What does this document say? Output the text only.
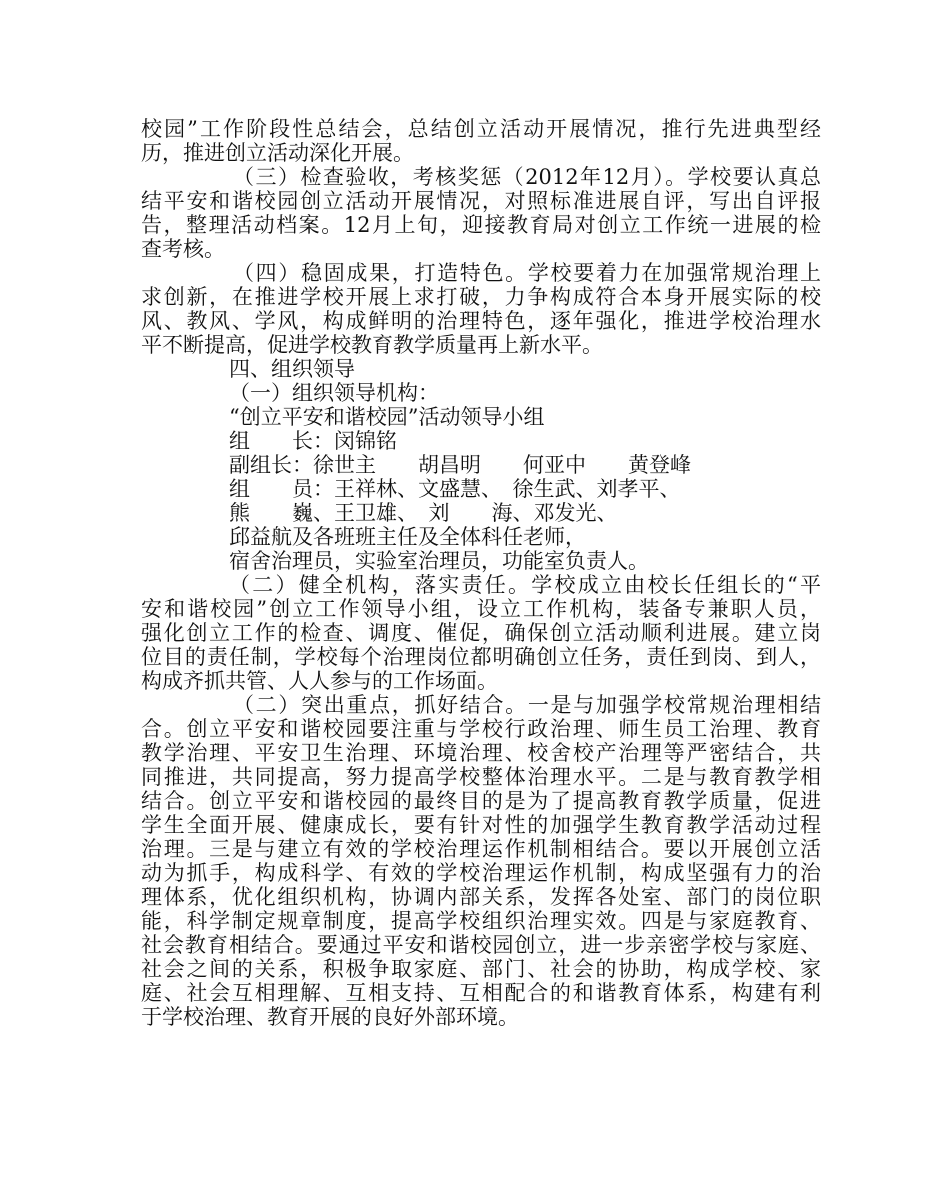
校园”工作阶段性总结会，总结创立活动开展情况，推行先进典型经
历，推进创立活动深化开展。
（三）检查验收，考核奖惩（2012年12月）。学校要认真总
结平安和谐校园创立活动开展情况，对照标准进展自评，写出自评报
告，整理活动档案。12月上旬，迎接教育局对创立工作统一进展的检
查考核。
（四）稳固成果，打造特色。学校要着力在加强常规治理上
求创新，在推进学校开展上求打破，力争构成符合本身开展实际的校
风、教风、学风，构成鲜明的治理特色，逐年强化，推进学校治理水
平不断提高，促进学校教育教学质量再上新水平。
四、组织领导
（一）组织领导机构：
“创立平安和谐校园”活动领导小组
组　　长：闵锦铭
副组长：徐世主　　胡昌明　　何亚中　　黄登峰
组　　员：王祥林、文盛慧、　徐生武、刘孝平、
熊　　巍、王卫雄、　刘　　海、邓发光、
邱益航及各班班主任及全体科任老师，
宿舍治理员，实验室治理员，功能室负责人。
（二）健全机构，落实责任。学校成立由校长任组长的“平
安和谐校园”创立工作领导小组，设立工作机构，装备专兼职人员，
强化创立工作的检查、调度、催促，确保创立活动顺利进展。建立岗
位目的责任制，学校每个治理岗位都明确创立任务，责任到岗、到人，
构成齐抓共管、人人参与的工作场面。
（二）突出重点，抓好结合。一是与加强学校常规治理相结
合。创立平安和谐校园要注重与学校行政治理、师生员工治理、教育
教学治理、平安卫生治理、环境治理、校舍校产治理等严密结合，共
同推进，共同提高，努力提高学校整体治理水平。二是与教育教学相
结合。创立平安和谐校园的最终目的是为了提高教育教学质量，促进
学生全面开展、健康成长，要有针对性的加强学生教育教学活动过程
治理。三是与建立有效的学校治理运作机制相结合。要以开展创立活
动为抓手，构成科学、有效的学校治理运作机制，构成坚强有力的治
理体系，优化组织机构，协调内部关系，发挥各处室、部门的岗位职
能，科学制定规章制度，提高学校组织治理实效。四是与家庭教育、
社会教育相结合。要通过平安和谐校园创立，进一步亲密学校与家庭、
社会之间的关系，积极争取家庭、部门、社会的协助，构成学校、家
庭、社会互相理解、互相支持、互相配合的和谐教育体系，构建有利
于学校治理、教育开展的良好外部环境。
